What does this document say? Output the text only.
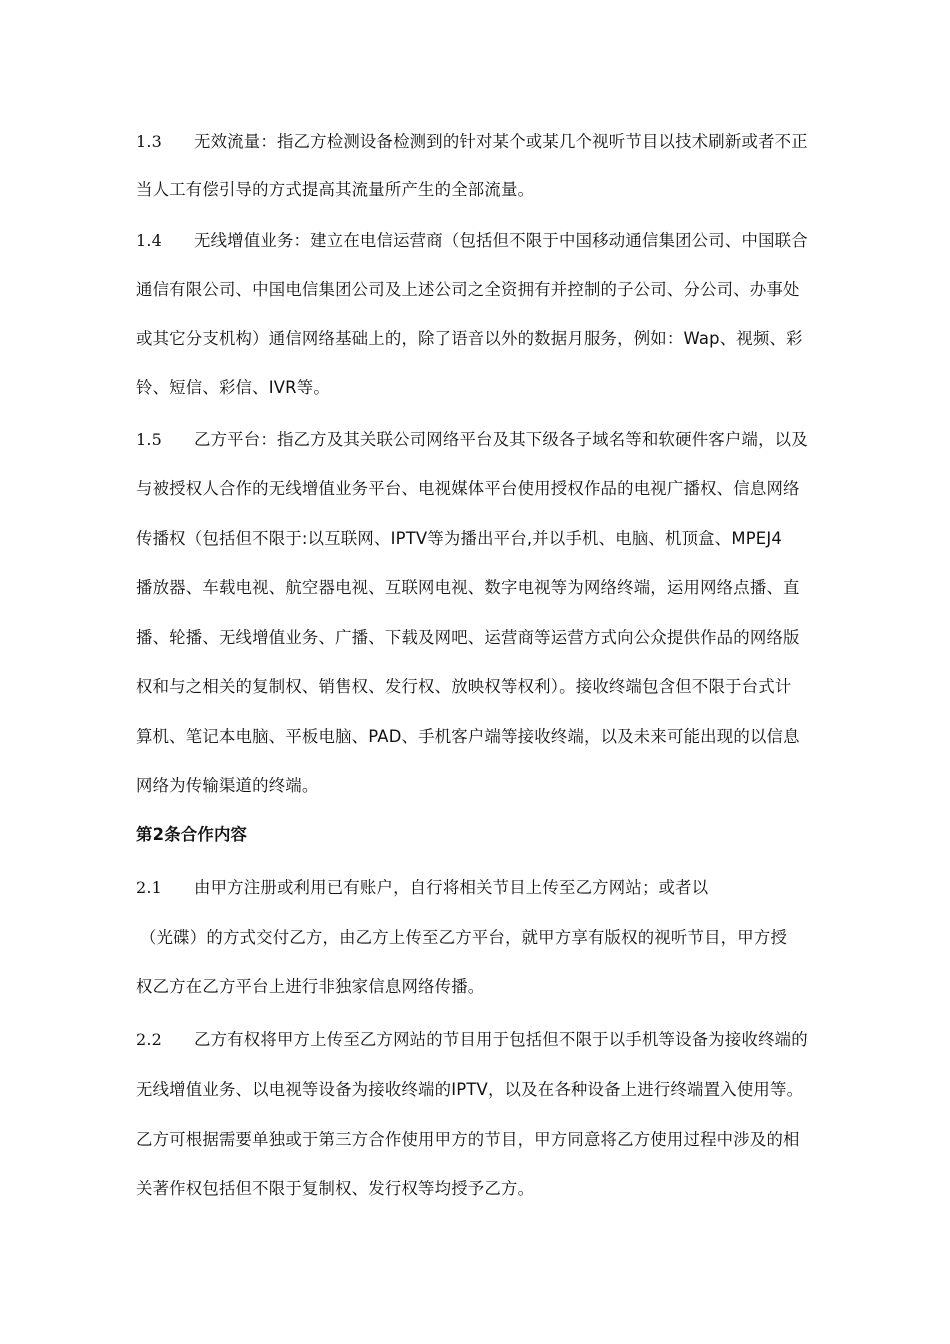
1.3 无效流量：指乙方检测设备检测到的针对某个或某几个视听节目以技术刷新或者不正
当人工有偿引导的方式提高其流量所产生的全部流量。
1.4 无线增值业务：建立在电信运营商（包括但不限于中国移动通信集团公司、中国联合
通信有限公司、中国电信集团公司及上述公司之全资拥有并控制的子公司、分公司、办事处
或其它分支机构）通信网络基础上的，除了语音以外的数据月服务，例如：Wap、视频、彩
铃、短信、彩信、IVR等。
1.5 乙方平台：指乙方及其关联公司网络平台及其下级各子域名等和软硬件客户端，以及
与被授权人合作的无线增值业务平台、电视媒体平台使用授权作品的电视广播权、信息网络
传播权（包括但不限于:以互联网、IPTV等为播出平台,并以手机、电脑、机顶盒、MPEJ4
播放器、车载电视、航空器电视、互联网电视、数字电视等为网络终端，运用网络点播、直
播、轮播、无线增值业务、广播、下载及网吧、运营商等运营方式向公众提供作品的网络版
权和与之相关的复制权、销售权、发行权、放映权等权利）。接收终端包含但不限于台式计
算机、笔记本电脑、平板电脑、PAD、手机客户端等接收终端，以及未来可能出现的以信息
网络为传输渠道的终端。
第2条合作内容
2.1 由甲方注册或利用已有账户，自行将相关节目上传至乙方网站；或者以
（光碟）的方式交付乙方，由乙方上传至乙方平台，就甲方享有版权的视听节目，甲方授
权乙方在乙方平台上进行非独家信息网络传播。
2.2 乙方有权将甲方上传至乙方网站的节目用于包括但不限于以手机等设备为接收终端的
无线增值业务、以电视等设备为接收终端的IPTV，以及在各种设备上进行终端置入使用等。
乙方可根据需要单独或于第三方合作使用甲方的节目，甲方同意将乙方使用过程中涉及的相
关著作权包括但不限于复制权、发行权等均授予乙方。
